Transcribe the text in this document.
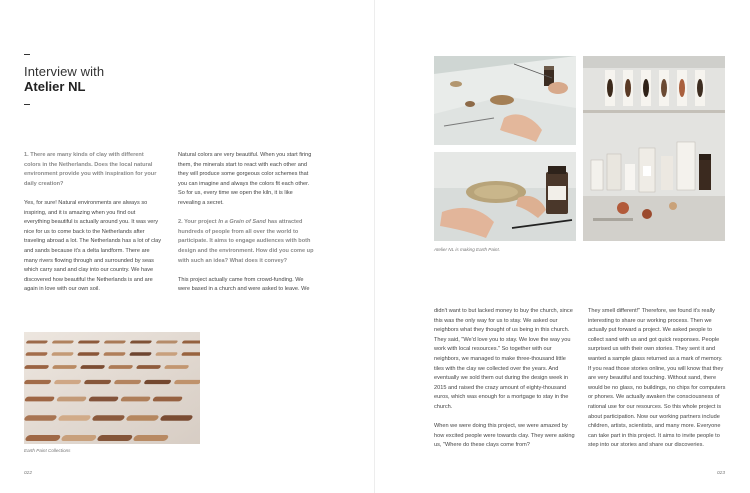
Interview with
Atelier NL

1. There are many kinds of clay with different colors in the Netherlands. Does the local natural environment provide you with inspiration for your daily creation?

Yes, for sure! Natural environments are always so inspiring, and it is amazing when you find out everything beautiful is actually around you. It was very nice for us to come back to the Netherlands after traveling abroad a lot. The Netherlands has a lot of clay and sands because it's a delta landform. There are many rivers flowing through and surrounded by seas which carry sand and clay into our country. We have discovered how beautiful the Netherlands is and are again in love with our own soil.

Natural colors are very beautiful. When you start firing them, the minerals start to react with each other and they will produce some gorgeous color schemes that you can imagine and always the colors fit each other. So for us, every time we open the kiln, it is like revealing a secret.

2. Your project In a Grain of Sand has attracted hundreds of people from all over the world to participate. It aims to engage audiences with both design and the environment. How did you come up with such an idea? What does it convey?

This project actually came from crowd-funding. We were based in a church and were asked to leave. We

Earth Paint Collections
022
Atelier NL is making Earth Paint.

didn't want to but lacked money to buy the church, since this was the only way for us to stay. We asked our neighbors what they thought of us being in this church. They said, "We'd love you to stay. We love the way you work with local resources." So together with our neighbors, we managed to make three-thousand little tiles with the clay we collected over the years. And eventually we sold them out during the design week in 2015 and raised the crazy amount of eighty-thousand euros, which was enough for a mortgage to stay in the church.

When we were doing this project, we were amazed by how excited people were towards clay. They were asking us, "Where do these clays come from?

They smell different!" Therefore, we found it's really interesting to share our working process. Then we actually put forward a project. We asked people to collect sand with us and got quick responses. People surprised us with their own stories. They sent it and wanted a sample glass returned as a mark of memory. If you read those stories online, you will know that they are very beautiful and touching. Without sand, there would be no glass, no buildings, no chips for computers or phones. We actually awaken the consciousness of rational use for our resources. So this whole project is about participation. Now our working partners include children, artists, scientists, and many more. Everyone can take part in this project. It aims to invite people to step into our stories and share our discoveries.

023
